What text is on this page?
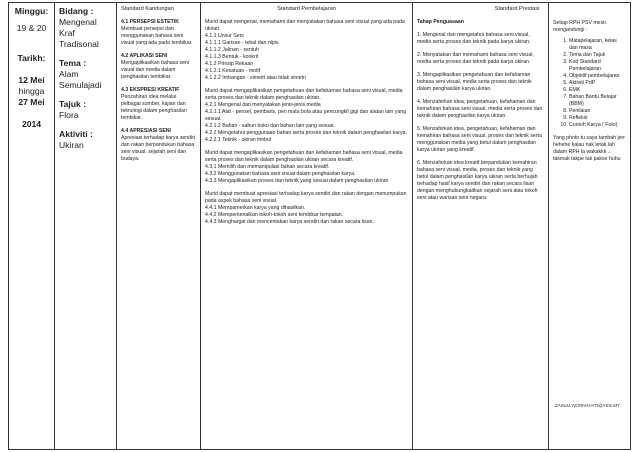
Minggu:
19 & 20
Tarikh:
12 Mei
hingga
27 Mei
2014

Bidang :
Mengenal Kraf Tradisonal
Tema :
Alam Semulajadi
Tajuk :
Flora
Aktiviti :
Ukiran

Standard Kandungan
4.1 PERSEPSI ESTETIK
Membuat persepsi dan menggunakan bahasa seni visual yang ada pada tembikar.
4.2 APLIKASI SENI
Mengaplikasikan bahasa seni visual dan media dalam penghasilan tembikar.
4.3 EKSPRESI KREATIF
Penzahiran idea melalui pelbagai sumber, kajian dan teknologi dalam penghasilan tembikar.
4.4 APRESIASI SENI
Apresiasi terhadap karya sendiri dan rakan berpandukan bahasa seni visual, sejarah seni dan budaya.

Standard Pembelajaran
Murid dapat mengenal, memahami dan menyatakan bahasa seni visual yang ada pada ukiran.
4.1.1 Unsur Seni
4.1.1.1 Garisan - tebal dan nipis
4.1.1.2 Jalinan - sentuh
4.1.1.3 Bentuk - konkrit
4.1.2 Prinsip Rekaan
4.1.2.1 Kesatuan - motif
4.1.2.2 Imbangan - simetri atau tidak simetri
Murid dapat mengaplikasikan pengetahuan dan kefahaman bahasa seni visual, media serta proses dan teknik dalam penghasilan ukiran.
4.2.1 Mengenal dan menyatakan jenis-jenis media
4.2.1.1 Alat - pensel, pembaris, pen mata bola atau pencungkil gigi dan alatan lain yang sesuai.
4.2.1.2 Bahan - sabun buku dan bahan lain yang sesuai.
4.2.2 Mengetahui penggunaan bahan serta proses dan teknik dalam penghasilan karya.
4.2.2.1 Teknik - ukiran timbul
Murid dapat mengaplikasikan pengetahuan dan kefahaman bahasa seni visual, media serta proses dan teknik dalam penghasilan ukiran secara kreatif.
4.3.1 Memilih dan memanipulasi bahan secara kreatif.
4.3.2 Menggunakan bahasa seni visual dalam penghasilan karya.
4.3.3 Mengaplikasikan proses dan teknik yang sesuai dalam penghasilan ukiran
Murid dapat membuat apresiasi terhadap karya sendiri dan rakan dengan menumpukan pada aspek bahasa seni visual.
4.4.1 Mempamerkan karya yang dihasilkan.
4.4.2 Memperkenalkan tokoh-tokoh seni tembikar tempatan.
4.4.3 Menghargai dan menceritakan karya sendiri dan rakan secara lisan.

Standard Prestasi
Tahap Penguasaan
1. Mengenal dan mengetahui bahasa seni visual, media serta proses dan teknik pada karya ukiran.
2. Menyatakan dan memahami bahasa seni visual, media serta proses dan teknik pada karya ukiran.
3. Mengaplikasikan pengetahuan dan kefahaman bahasa seni visual, media serta proses dan teknik dalam penghasilan karya ukiran.
4. Menzahirkan idea, pengetahuan, kefahaman dan kemahiran bahasa seni visual, media serta proses dan teknik dalam penghasilan karya ukiran.
5. Menzahirkan idea, pengetahuan, kefahaman dan kemahiran bahasa seni visual, proses dan teknik serta menggunakan media yang betul dalam penghasilan karya ukiran yang kreatif.
6. Menzahirkan idea kreatif berpandukan kemahiran bahasa seni visual, media, proses dan teknik yang betul dalam penghasilan karya ukiran serta berhujah terhadap hasil karya sendiri dan rakan secara lisan dengan menghubungkaitkan sejarah seni atau tokoh seni atau warisan seni negara.

Setiap RPH PSV mesti mengandungi :
1. Matapelajaran, kelas dan masa
2. Tema dan Tajuk
3. Kod Standard Pembelajaran
4. Objektif pembelajaran
5. Aktiviti PdP
6. EMK
7. Bahan Bantu Belajar (BBM)
8. Penilaian
9. Refleksi
10. Contoh Karya ( Foto)
Yang photo tu saya tambah jerr hehehe kalau nak letak lah dalam RPH la wakakkk .. takmak takpe tak pakse huhu
ZAINAL NORHAYATI@YES.MY
